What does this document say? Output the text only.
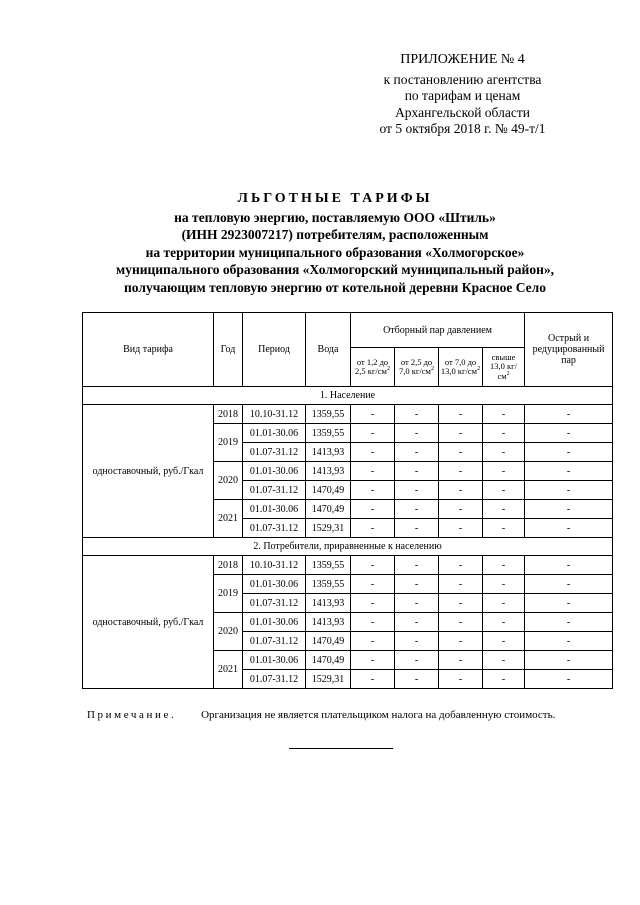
ПРИЛОЖЕНИЕ № 4
к постановлению агентства
по тарифам и ценам
Архангельской области
от 5 октября 2018 г. № 49-т/1
ЛЬГОТНЫЕ ТАРИФЫ
на тепловую энергию, поставляемую ООО «Штиль»
(ИНН 2923007217) потребителям, расположенным
на территории муниципального образования «Холмогорское»
муниципального образования «Холмогорский муниципальный район»,
получающим тепловую энергию от котельной деревни Красное Село
Вид тарифа	Год	Период	Вода	Отборный пар давлением				Острый и редуцированный пар
				от 1,2 до 2,5 $кг/см^2$	от 2,5 до 7,0 $кг/см^2$	от 7,0 до 13,0 $кг/см^2$	свыше 13,0 $кг/см^2$
1. Население								
одноставочный, руб./Гкал	2018	10.10-31.12	1359,55	-	-	-	-	-
	2019	01.01-30.06	1359,55	-	-	-	-	-
		01.07-31.12	1413,93	-	-	-	-	-
	2020	01.01-30.06	1413,93	-	-	-	-	-
		01.07-31.12	1470,49	-	-	-	-	-
	2021	01.01-30.06	1470,49	-	-	-	-	-
		01.07-31.12	1529,31	-	-	-	-	-
2. Потребители, приравненные к населению								
одноставочный, руб./Гкал	2018	10.10-31.12	1359,55	-	-	-	-	-
	2019	01.01-30.06	1359,55	-	-	-	-	-
		01.07-31.12	1413,93	-	-	-	-	-
	2020	01.01-30.06	1413,93	-	-	-	-	-
		01.07-31.12	1470,49	-	-	-	-	-
	2021	01.01-30.06	1470,49	-	-	-	-	-
		01.07-31.12	1529,31	-	-	-	-	-
Примечание. Организация не является плательщиком налога на добавленную стоимость.
